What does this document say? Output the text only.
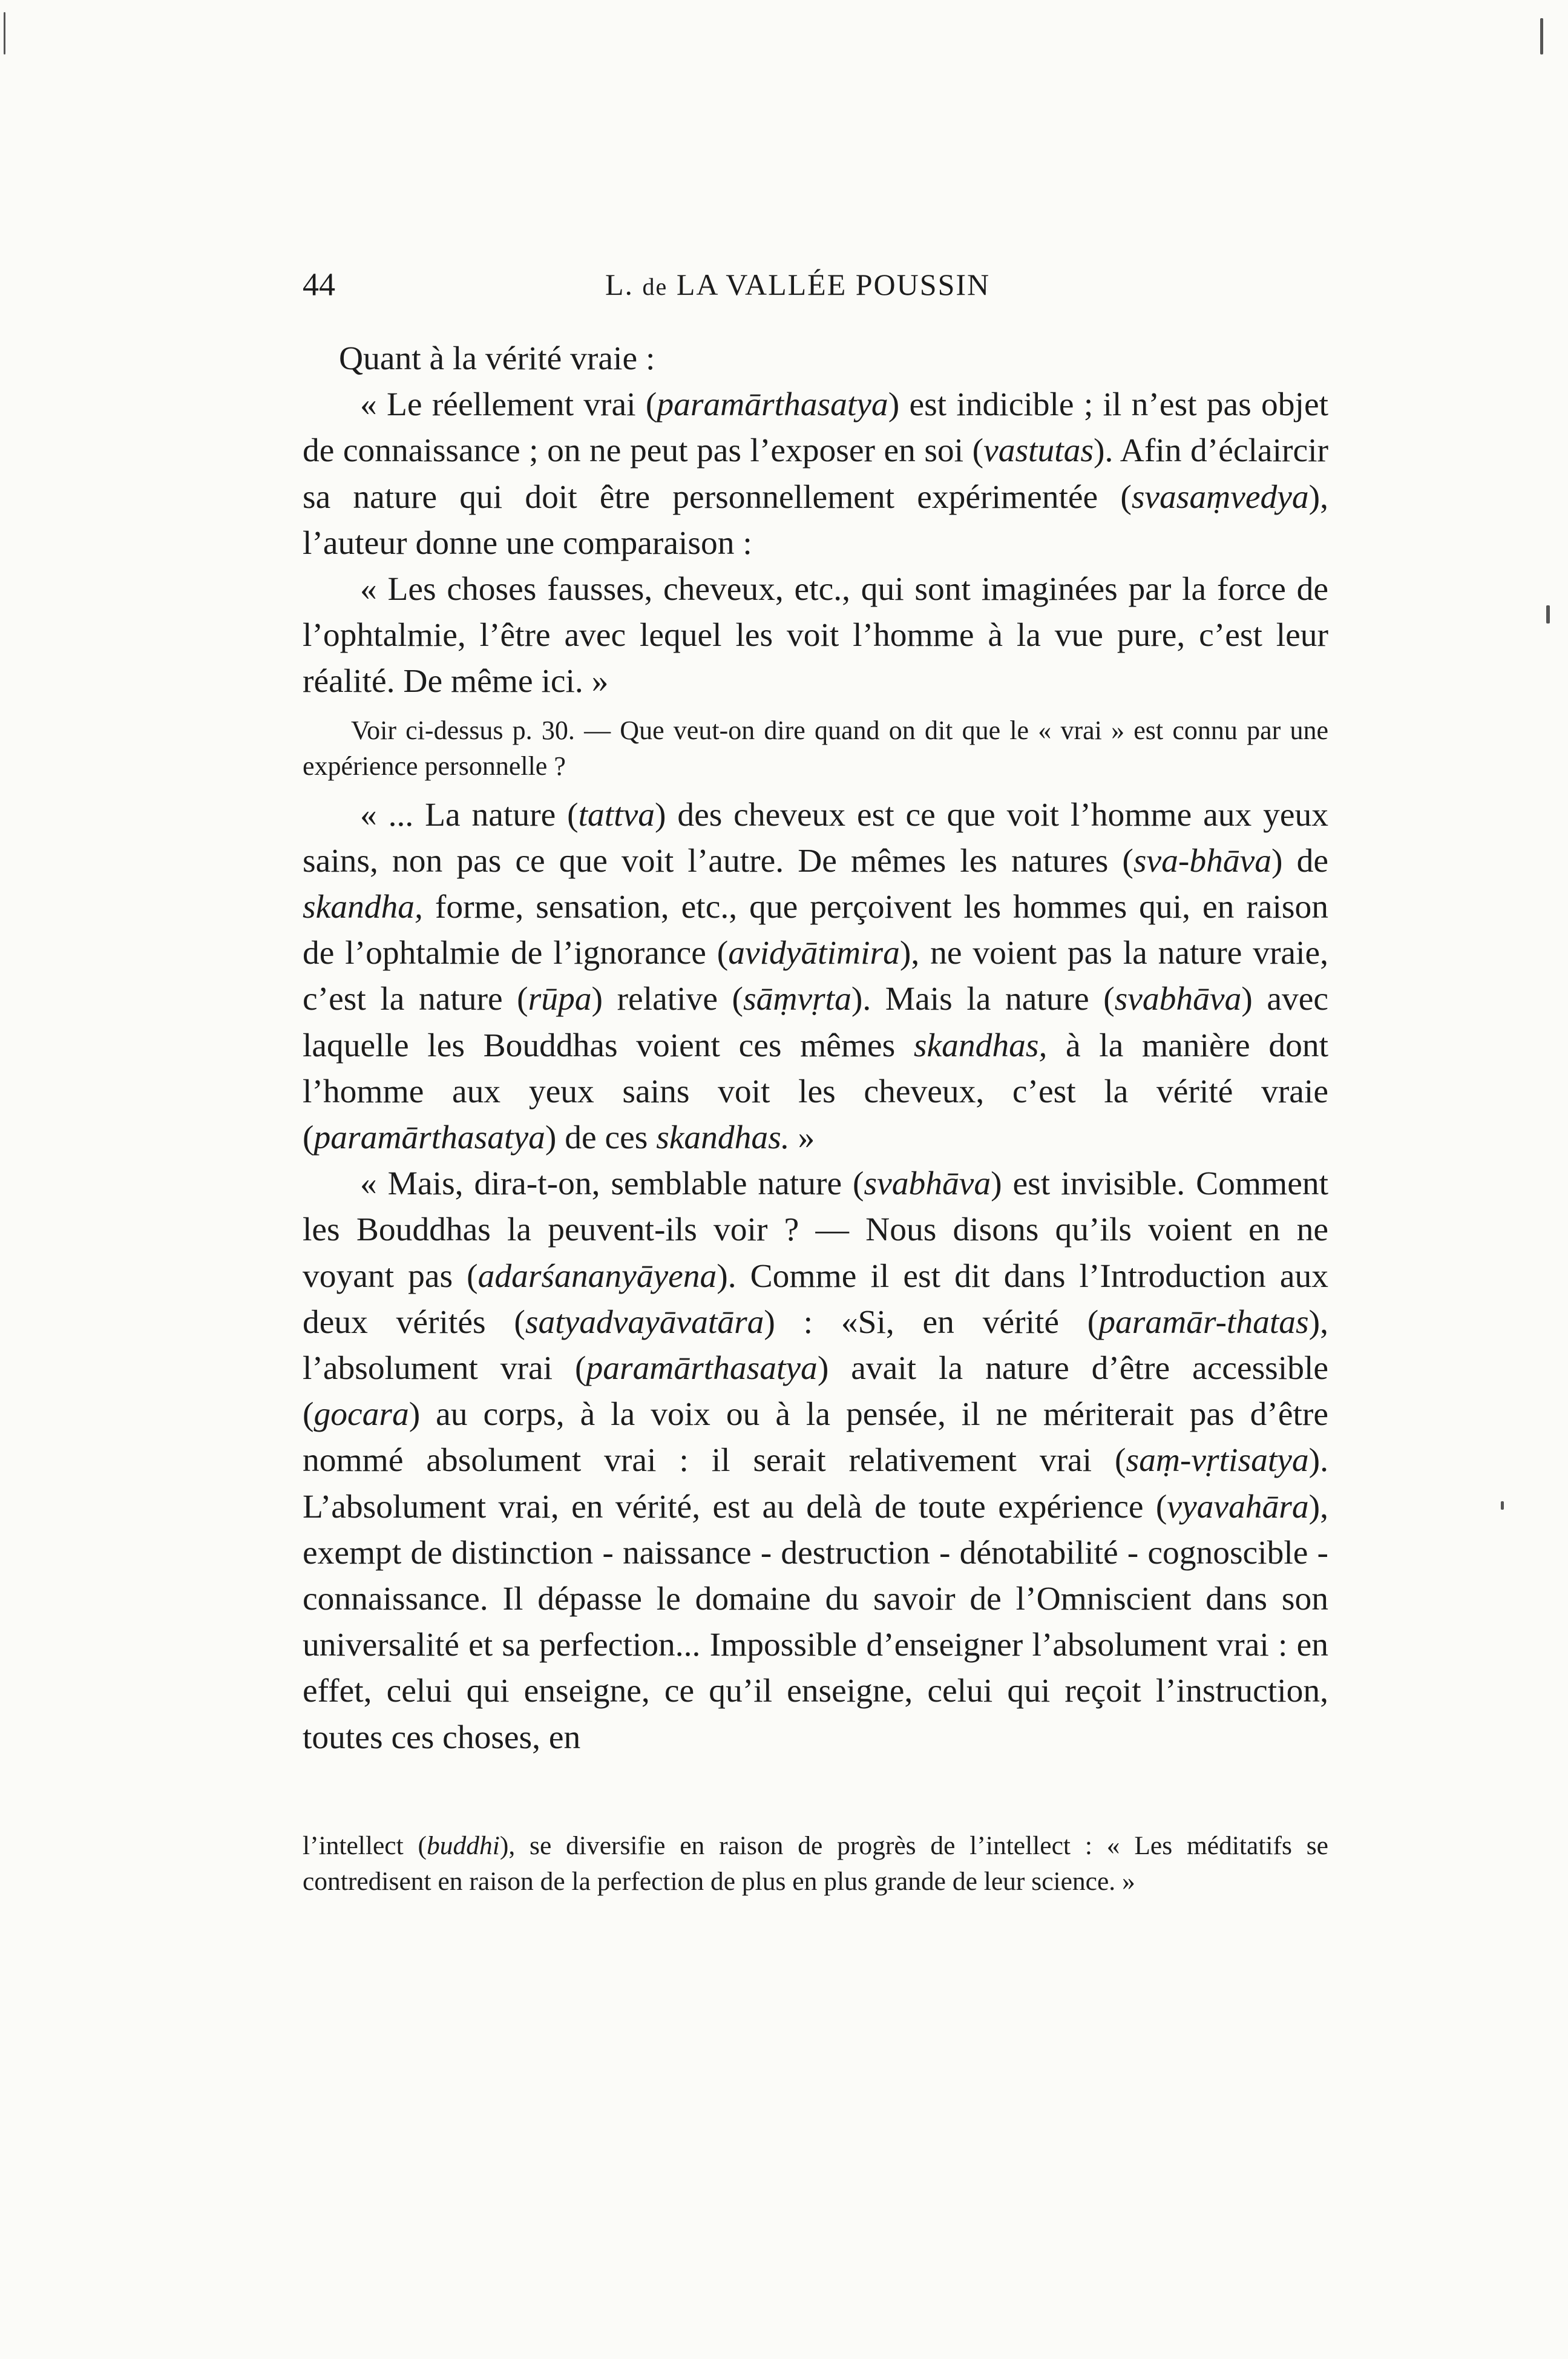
44	L. de LA VALLÉE POUSSIN

Quant à la vérité vraie :

« Le réellement vrai (paramārthasatya) est indicible ; il n’est pas objet de connaissance ; on ne peut pas l’exposer en soi (vastutas). Afin d’éclaircir sa nature qui doit être personnellement expérimentée (svasaṃvedya), l’auteur donne une comparaison :

« Les choses fausses, cheveux, etc., qui sont imaginées par la force de l’ophtalmie, l’être avec lequel les voit l’homme à la vue pure, c’est leur réalité. De même ici. »

Voir ci-dessus p. 30. — Que veut-on dire quand on dit que le « vrai » est connu par une expérience personnelle ?

« ... La nature (tattva) des cheveux est ce que voit l’homme aux yeux sains, non pas ce que voit l’autre. De mêmes les natures (sva-bhāva) de skandha, forme, sensation, etc., que perçoivent les hommes qui, en raison de l’ophtalmie de l’ignorance (avidyātimira), ne voient pas la nature vraie, c’est la nature (rūpa) relative (sāṃvṛta). Mais la nature (svabhāva) avec laquelle les Bouddhas voient ces mêmes skandhas, à la manière dont l’homme aux yeux sains voit les cheveux, c’est la vérité vraie (paramārthasatya) de ces skandhas. »

« Mais, dira-t-on, semblable nature (svabhāva) est invisible. Comment les Bouddhas la peuvent-ils voir ? — Nous disons qu’ils voient en ne voyant pas (adarśananyāyena). Comme il est dit dans l’Introduction aux deux vérités (satyadvayāvatāra) : «Si, en vérité (paramār-thatas), l’absolument vrai (paramārthasatya) avait la nature d’être accessible (gocara) au corps, à la voix ou à la pensée, il ne mériterait pas d’être nommé absolument vrai : il serait relativement vrai (saṃ-vṛtisatya). L’absolument vrai, en vérité, est au delà de toute expérience (vyavahāra), exempt de distinction - naissance - destruction - dénotabilité - cognoscible - connaissance. Il dépasse le domaine du savoir de l’Omniscient dans son universalité et sa perfection... Impossible d’enseigner l’absolument vrai : en effet, celui qui enseigne, ce qu’il enseigne, celui qui reçoit l’instruction, toutes ces choses, en

l’intellect (buddhi), se diversifie en raison de progrès de l’intellect : « Les méditatifs se contredisent en raison de la perfection de plus en plus grande de leur science. »
